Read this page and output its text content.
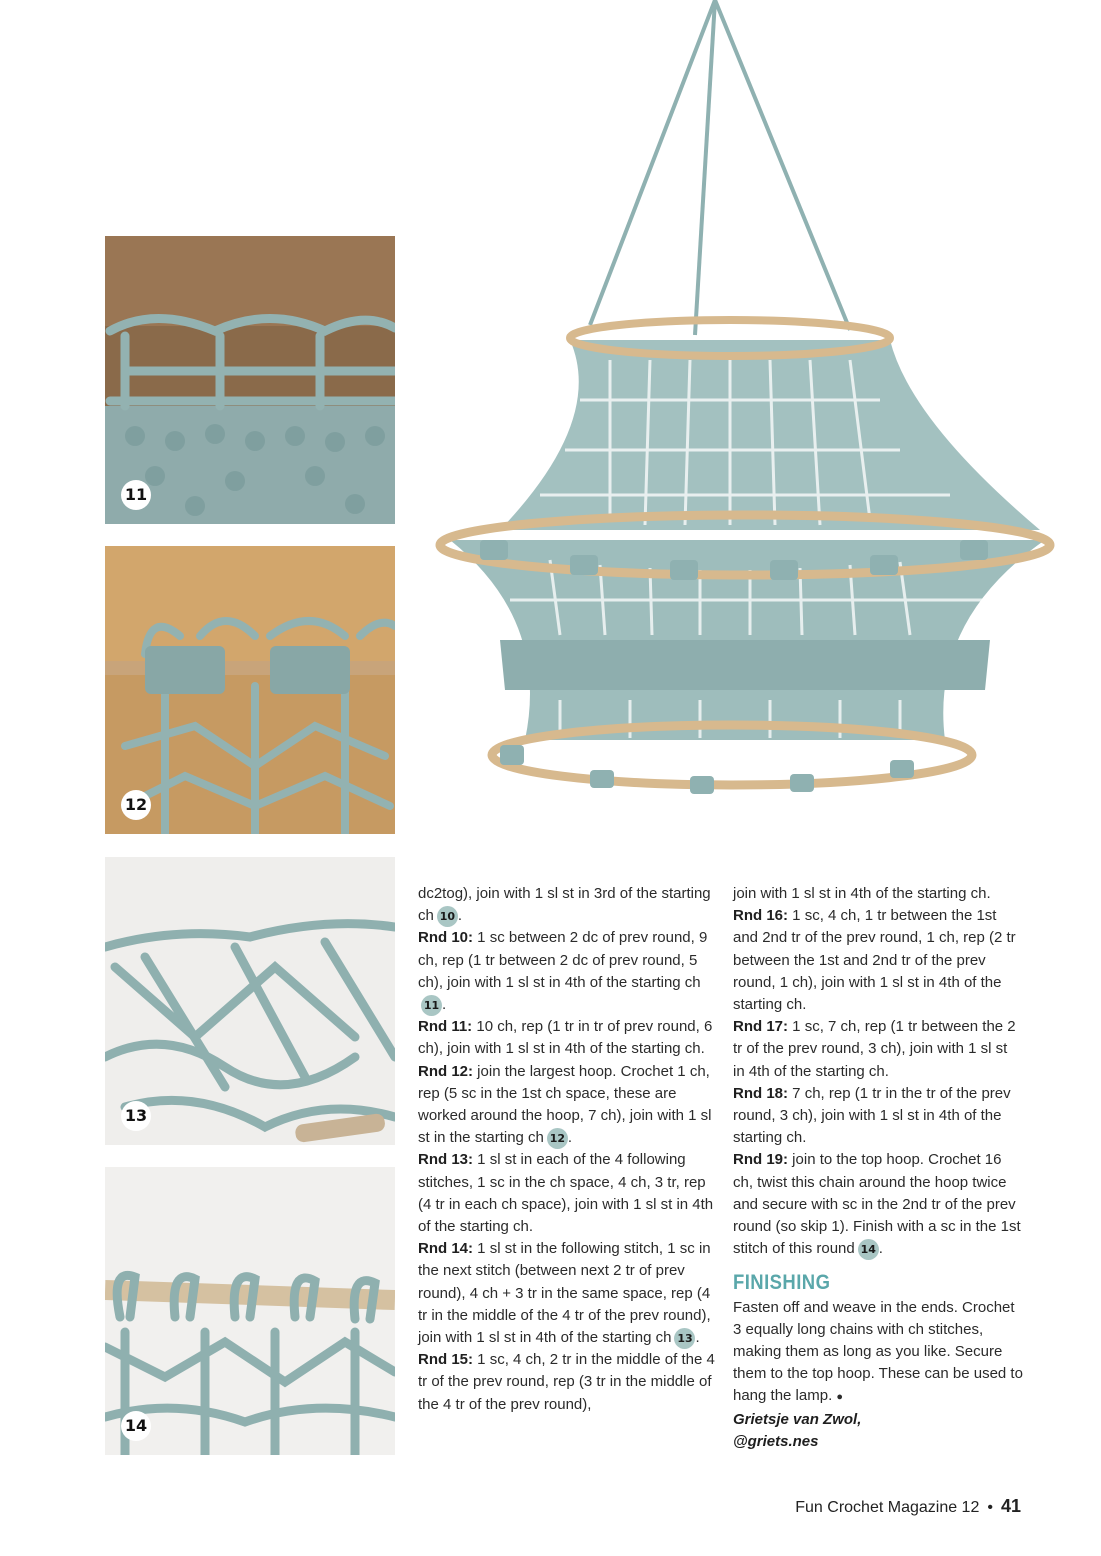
11
12
13
14

dc2tog), join with 1 sl st in 3rd of the starting ch 10 .

Rnd 10: 1 sc between 2 dc of prev round, 9 ch, rep (1 tr between 2 dc of prev round, 5 ch), join with 1 sl st in 4th of the starting ch11 .

Rnd 11: 10 ch, rep (1 tr in tr of prev round, 6 ch), join with 1 sl st in 4th of the starting ch.

Rnd 12: join the largest hoop. Crochet 1 ch, rep (5 sc in the 1st ch space, these are worked around the hoop, 7 ch), join with 1 sl st in the starting ch 12 .

Rnd 13: 1 sl st in each of the 4 following stitches, 1 sc in the ch space, 4 ch, 3 tr, rep (4 tr in each ch space), join with 1 sl st in 4th of the starting ch.

Rnd 14: 1 sl st in the following stitch, 1 sc in the next stitch (between next 2 tr of prev round), 4 ch + 3 tr in the same space, rep (4 tr in the middle of the 4 tr of the prev round), join with 1 sl st in 4th of the starting ch 13 .

Rnd 15: 1 sc, 4 ch, 2 tr in the middle of the 4 tr of the prev round, rep (3 tr in the middle of the 4 tr of the prev round),

join with 1 sl st in 4th of the starting ch.

Rnd 16: 1 sc, 4 ch, 1 tr between the 1st and 2nd tr of the prev round, 1 ch, rep (2 tr between the 1st and 2nd tr of the prev round, 1 ch), join with 1 sl st in 4th of the starting ch.

Rnd 17: 1 sc, 7 ch, rep (1 tr between the 2 tr of the prev round, 3 ch), join with 1 sl st in 4th of the starting ch.

Rnd 18: 7 ch, rep (1 tr in the tr of the prev round, 3 ch), join with 1 sl st in 4th of the starting ch.

Rnd 19: join to the top hoop. Crochet 16 ch, twist this chain around the hoop twice and secure with sc in the 2nd tr of the prev round (so skip 1). Finish with a sc in the 1st stitch of this round 14 .

FINISHING

Fasten off and weave in the ends. Crochet 3 equally long chains with ch stitches, making them as long as you like. Secure them to the top hoop. These can be used to hang the lamp. ●

Grietsje van Zwol,

@griets.nes

Fun Crochet Magazine 12 • 41
